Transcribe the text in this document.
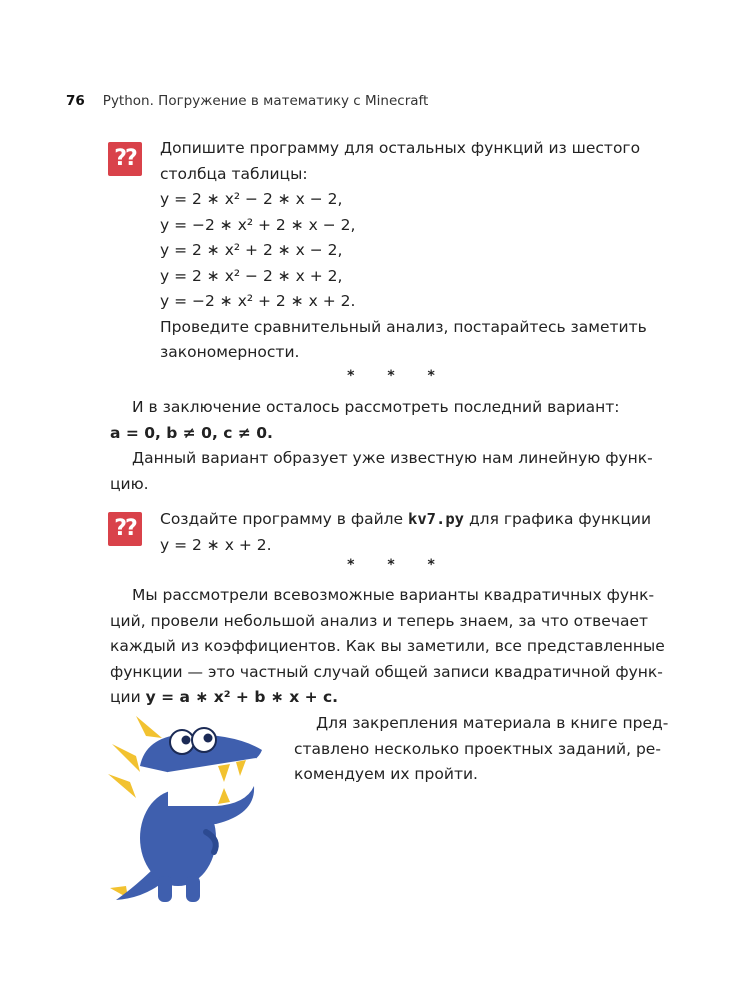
76 Python. Погружение в математику с Minecraft
??	Допишите программу для остальных функций из шестого
столбца таблицы:
y = 2 ∗ x² − 2 ∗ x − 2,
y = −2 ∗ x² + 2 ∗ x − 2,
y = 2 ∗ x² + 2 ∗ x − 2,
y = 2 ∗ x² − 2 ∗ x + 2,
y = −2 ∗ x² + 2 ∗ x + 2.
Проведите сравнительный анализ, постарайтесь заметить
закономерности.
* * *
И в заключение осталось рассмотреть последний вариант:
a = 0, b ≠ 0, c ≠ 0.
Данный вариант образует уже известную нам линейную функ-
цию.
??	Создайте программу в файле kv7.py для графика функции
y = 2 ∗ x + 2.
* * *
Мы рассмотрели всевозможные варианты квадратичных функ-
ций, провели небольшой анализ и теперь знаем, за что отвечает
каждый из коэффициентов. Как вы заметили, все представленные
функции — это частный случай общей записи квадратичной функ-
ции y = a ∗ x² + b ∗ x + c.
Для закрепления материала в книге пред-
ставлено несколько проектных заданий, ре-
комендуем их пройти.
